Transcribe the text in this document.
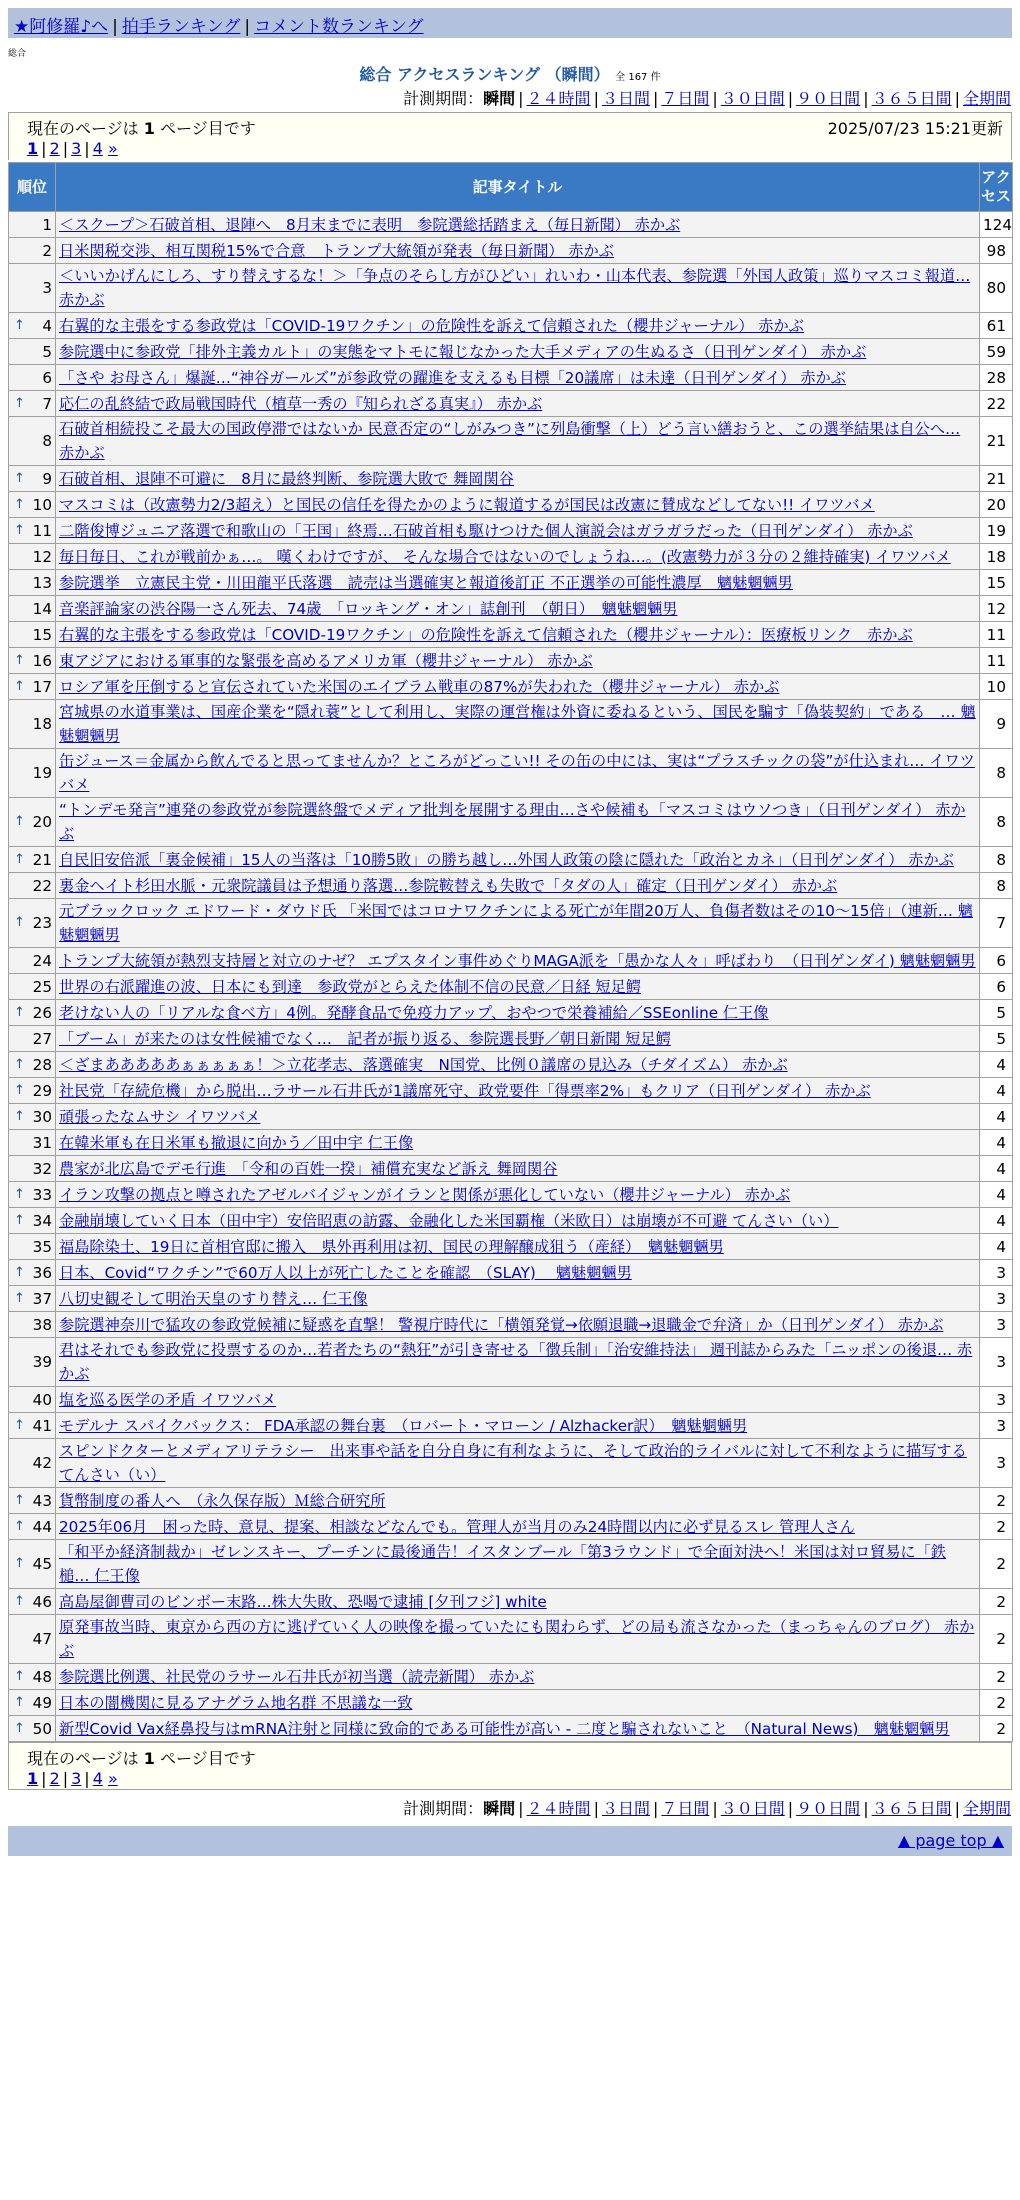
★阿修羅♪へ | 拍手ランキング | コメント数ランキング
総合
総合 アクセスランキング （瞬間） 全 167 件
計測期間：瞬間 | ２４時間 | ３日間 | ７日間 | ３０日間 | ９０日間 | ３６５日間 | 全期間
現在のページは 1 ページ目です	2025/07/23 15:21更新
1 | 2 | 3 | 4 »
順位	記事タイトル	アクセス
1	＜スクープ＞石破首相、退陣へ　8月末までに表明　参院選総括踏まえ（毎日新聞） 赤かぶ	124
2	日米関税交渉、相互関税15%で合意　トランプ大統領が発表（毎日新聞） 赤かぶ	98
3	＜いいかげんにしろ、すり替えするな！＞「争点のそらし方がひどい」れいわ・山本代表、参院選「外国人政策」巡りマスコミ報道… 赤かぶ	80

↑ 4	右翼的な主張をする参政党は「COVID-19ワクチン」の危険性を訴えて信頼された（櫻井ジャーナル） 赤かぶ	61
5	参院選中に参政党「排外主義カルト」の実態をマトモに報じなかった大手メディアの生ぬるさ（日刊ゲンダイ） 赤かぶ	59
6	「さや お母さん」爆誕…“神谷ガールズ”が参政党の躍進を支えるも目標「20議席」は未達（日刊ゲンダイ） 赤かぶ	28

↑ 7	応仁の乱終結で政局戦国時代（植草一秀の『知られざる真実』） 赤かぶ	22
8	石破首相続投こそ最大の国政停滞ではないか 民意否定の“しがみつき”に列島衝撃（上）どう言い繕おうと、この選挙結果は自公へ… 赤かぶ	21

↑ 9	石破首相、退陣不可避に　8月に最終判断、参院選大敗で 舞岡関谷	21

↑ 10	マスコミは（改憲勢力2/3超え）と国民の信任を得たかのように報道するが国民は改憲に賛成などしてない!! イワツバメ	20

↑ 11	二階俊博ジュニア落選で和歌山の「王国」終焉…石破首相も駆けつけた個人演説会はガラガラだった（日刊ゲンダイ） 赤かぶ	19
12	毎日毎日、これが戦前かぁ…。 嘆くわけですが、 そんな場合ではないのでしょうね…。(改憲勢力が３分の２維持確実) イワツバメ	18
13	参院選挙　立憲民主党・川田龍平氏落選　読売は当選確実と報道後訂正 不正選挙の可能性濃厚　魑魅魍魎男	15
14	音楽評論家の渋谷陽一さん死去、74歳　「ロッキング・オン」誌創刊　（朝日）　魑魅魍魎男	12
15	右翼的な主張をする参政党は「COVID-19ワクチン」の危険性を訴えて信頼された（櫻井ジャーナル）：医療板リンク　赤かぶ	11

↑ 16	東アジアにおける軍事的な緊張を高めるアメリカ軍（櫻井ジャーナル） 赤かぶ	11

↑ 17	ロシア軍を圧倒すると宣伝されていた米国のエイブラム戦車の87%が失われた（櫻井ジャーナル） 赤かぶ	10
18	宮城県の水道事業は、国産企業を“隠れ蓑”として利用し、実際の運営権は外資に委ねるという、国民を騙す「偽装契約」である　… 魑魅魍魎男	9
19	缶ジュース＝金属から飲んでると思ってませんか？ところがどっこい!! その缶の中には、実は“プラスチックの袋”が仕込まれ… イワツバメ	8

↑ 20	“トンデモ発言”連発の参政党が参院選終盤でメディア批判を展開する理由…さや候補も「マスコミはウソつき」（日刊ゲンダイ） 赤かぶ	8

↑ 21	自民旧安倍派「裏金候補」15人の当落は「10勝5敗」の勝ち越し…外国人政策の陰に隠れた「政治とカネ」（日刊ゲンダイ） 赤かぶ	8
22	裏金ヘイト杉田水脈・元衆院議員は予想通り落選…参院鞍替えも失敗で「タダの人」確定（日刊ゲンダイ） 赤かぶ	8

↑ 23	元ブラックロック エドワード・ダウド氏 「米国ではコロナワクチンによる死亡が年間20万人、負傷者数はその10～15倍」（連新… 魑魅魍魎男	7
24	トランプ大統領が熱烈支持層と対立のナゼ？ エプスタイン事件めぐりMAGA派を「愚かな人々」呼ばわり　（日刊ゲンダイ) 魑魅魍魎男	6
25	世界の右派躍進の波、日本にも到達　参政党がとらえた体制不信の民意／日経 短足鰐	6

↑ 26	老けない人の「リアルな食べ方」4例。発酵食品で免疫力アップ、おやつで栄養補給／SSEonline 仁王像	5
27	「ブーム」が来たのは女性候補でなく…　記者が振り返る、参院選長野／朝日新聞 短足鰐	5

↑ 28	＜ざまあああああぁぁぁぁぁ！＞立花孝志、落選確実　N国党、比例０議席の見込み（チダイズム） 赤かぶ	4

↑ 29	社民党「存続危機」から脱出…ラサール石井氏が1議席死守、政党要件「得票率2%」もクリア（日刊ゲンダイ） 赤かぶ	4

↑ 30	頑張ったなムサシ イワツバメ	4
31	在韓米軍も在日米軍も撤退に向かう／田中宇 仁王像	4
32	農家が北広島でデモ行進　「令和の百姓一揆」補償充実など訴え 舞岡関谷	4

↑ 33	イラン攻撃の拠点と噂されたアゼルバイジャンがイランと関係が悪化していない（櫻井ジャーナル） 赤かぶ	4

↑ 34	金融崩壊していく日本（田中宇）安倍昭恵の訪露、金融化した米国覇権（米欧日）は崩壊が不可避 てんさい（い）	4
35	福島除染土、19日に首相官邸に搬入　県外再利用は初、国民の理解醸成狙う（産経）　魑魅魍魎男	4

↑ 36	日本、Covid“ワクチン”で60万人以上が死亡したことを確認　（SLAY)　 魑魅魍魎男	3

↑ 37	八切史観そして明治天皇のすり替え… 仁王像	3
38	参院選神奈川で猛攻の参政党候補に疑惑を直撃！ 警視庁時代に「横領発覚→依願退職→退職金で弁済」か（日刊ゲンダイ） 赤かぶ	3
39	君はそれでも参政党に投票するのか…若者たちの“熱狂”が引き寄せる「徴兵制」「治安維持法」 週刊誌からみた「ニッポンの後退… 赤かぶ	3
40	塩を巡る医学の矛盾 イワツバメ	3

↑ 41	モデルナ スパイクバックス： FDA承認の舞台裏　（ロバート・マローン / Alzhacker訳）　魑魅魍魎男	3
42	スピンドクターとメディアリテラシー　出来事や話を自分自身に有利なように、そして政治的ライバルに対して不利なように描写する てんさい（い）	3

↑ 43	貨幣制度の番人へ　（永久保存版）Ｍ総合研究所	2

↑ 44	2025年06月　困った時、意見、提案、相談などなんでも。管理人が当月のみ24時間以内に必ず見るスレ 管理人さん	2

↑ 45	「和平か経済制裁か」ゼレンスキー、プーチンに最後通告！イスタンブール「第3ラウンド」で全面対決へ！米国は対ロ貿易に「鉄槌… 仁王像	2

↑ 46	高島屋御曹司のビンボー末路…株大失敗、恐喝で逮捕 [夕刊フジ] white	2
47	原発事故当時、東京から西の方に逃げていく人の映像を撮っていたにも関わらず、どの局も流さなかった（まっちゃんのブログ） 赤かぶ	2

↑ 48	参院選比例選、社民党のラサール石井氏が初当選（読売新聞） 赤かぶ	2

↑ 49	日本の闇機関に見るアナグラム地名群 不思議な一致	2

↑ 50	新型Covid Vax経鼻投与はmRNA注射と同様に致命的である可能性が高い - 二度と騙されないこと　（Natural News)　魑魅魍魎男	2
現在のページは 1 ページ目です
1 | 2 | 3 | 4 »
計測期間：瞬間 | ２４時間 | ３日間 | ７日間 | ３０日間 | ９０日間 | ３６５日間 | 全期間
▲ page top ▲
